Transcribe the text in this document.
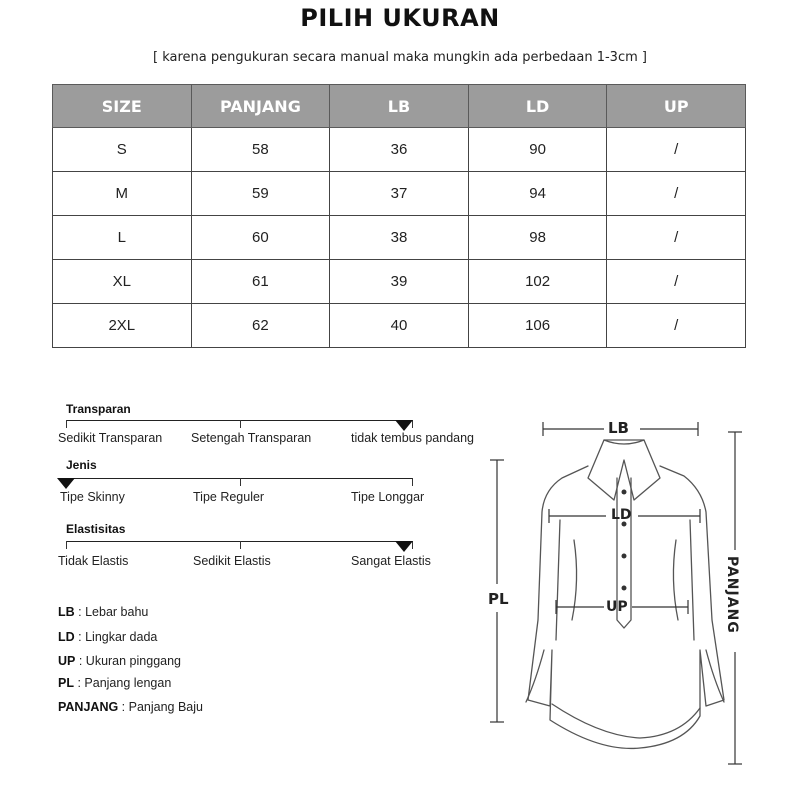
PILIH UKURAN
[ karena pengukuran secara manual maka mungkin ada perbedaan 1-3cm ]
SIZE	PANJANG	LB	LD	UP
S	58	36	90	/
M	59	37	94	/
L	60	38	98	/
XL	61	39	102	/
2XL	62	40	106	/
Transparan
Sedikit Transparan Setengah Transparan	tidak tembus pandang
Jenis
Tipe Skinny	Tipe Reguler	Tipe Longgar
Elastisitas
Tidak Elastis	Sedikit Elastis	Sangat Elastis
LB : Lebar bahu
LD : Lingkar dada
UP : Ukuran pinggang
PL : Panjang lengan
PANJANG : Panjang Baju
LB
LD
UP
PL	PANJANG
